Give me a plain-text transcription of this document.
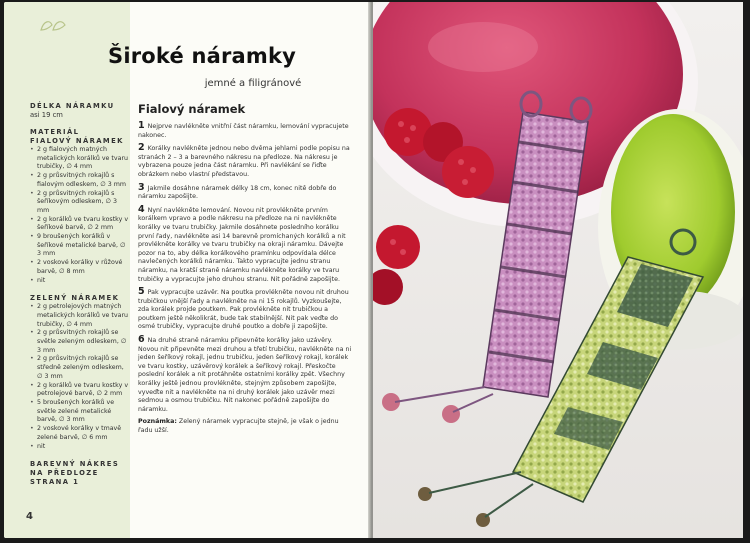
Široké náramky
jemné a filigránové
DÉLKA NÁRAMKU
asi 19 cm
MATERIÁL
FIALOVÝ NÁRAMEK
• 2 g fialových matných metalických korálků ve tvaru trubičky, ∅ 4 mm
• 2 g průsvitných rokajlů s fialovým odleskem, ∅ 3 mm
• 2 g průsvitných rokajlů s šeříkovým odleskem, ∅ 3 mm
• 2 g korálků ve tvaru kostky v šeříkové barvě, ∅ 2 mm
• 9 broušených korálků v šeříkové metalické barvě, ∅ 3 mm
• 2 voskové korálky v růžové barvě, ∅ 8 mm
• nit
ZELENÝ NÁRAMEK
• 2 g petrolejových matných metalických korálků ve tvaru trubičky, ∅ 4 mm
• 2 g průsvitných rokajlů se světle zeleným odleskem, ∅ 3 mm
• 2 g průsvitných rokajlů se středně zeleným odleskem, ∅ 3 mm
• 2 g korálků ve tvaru kostky v petrolejové barvě, ∅ 2 mm
• 5 broušených korálků ve světle zelené metalické barvě, ∅ 3 mm
• 2 voskové korálky v tmavě zelené barvě, ∅ 6 mm
• nit
BAREVNÝ NÁKRES
NA PŘEDLOZE
STRANA 1
Fialový náramek
1 Nejprve navlékněte vnitřní část náramku, lemování vypracujete nakonec.
2 Korálky navlékněte jednou nebo dvěma jehlami podle popisu na stranách 2 – 3 a barevného nákresu na předloze. Na nákresu je vybrazena pouze jedna část náramku. Při navlékání se řiďte obrázkem nebo vlastní představou.
3 Jakmile dosáhne náramek délky 18 cm, konec nitě dobře do náramku zapošijte.
4 Nyní navlékněte lemování. Novou nit provlékněte prvním korálkem vpravo a podle nákresu na předloze na ni navlékněte korálky ve tvaru trubičky. Jakmile dosáhnete posledního korálku první řady, navlékněte asi 14 barevně promíchaných korálků a nit provlékněte korálky ve tvaru trubičky na okraji náramku. Dávejte pozor na to, aby délka korálkového pramínku odpovídala délce navlečených korálků náramku. Takto vypracujte jednu stranu náramku, na kratší straně náramku navlékněte korálky ve tvaru trubičky a vypracujte jeho druhou stranu. Nit pořádně zapošijte.
5 Pak vypracujte uzávěr. Na poutka provlékněte novou nit druhou trubičkou vnější řady a navlékněte na ni 15 rokajlů. Vyzkoušejte, zda korálek projde poutkem. Pak provlékněte nit trubičkou a poutkem ještě několikrát, bude tak stabilnější. Nit pak veďte do osmé trubičky, vypracujte druhé poutko a dobře ji zapošijte.
6 Na druhé straně náramku připevněte korálky jako uzávěry. Novou nit připevněte mezi druhou a třetí trubičku, navlékněte na ni jeden šeříkový rokajl, jednu trubičku, jeden šeříkový rokajl, korálek ve tvaru kostky, uzávěrový korálek a šeříkový rokajl. Přeskočte poslední korálek a nit protáhněte ostatními korálky zpět. Všechny korálky ještě jednou provlékněte, stejným způsobem zapošijte, vyveďte nit a navlékněte na ni druhý korálek jako uzávěr mezi sedmou a osmou trubičku. Nit nakonec pořádně zapošijte do náramku.
Poznámka: Zelený náramek vypracujte stejně, je však o jednu řadu užší.
4
